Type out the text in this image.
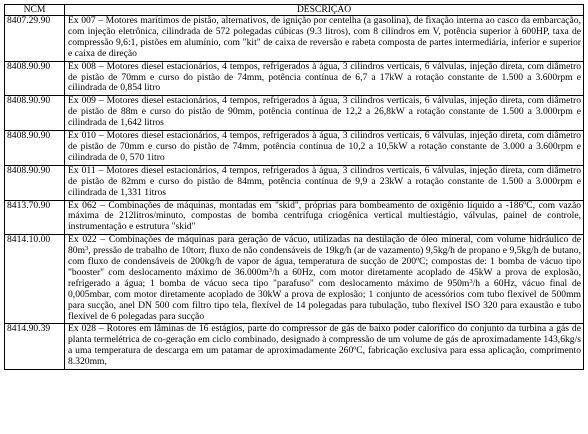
NCM	DESCRIÇÃO
8407.29.90	Ex 007 – Motores marítimos de pistão, alternativos, de ignição por centelha (a gasolina), de fixação interna ao casco da embarcação, com injeção eletrônica, cilindrada de 572 polegadas cúbicas (9.3 litros), com 8 cilindros em V, potência superior à 600HP, taxa de compressão 9,6:1, pistões em alumínio, com "kit" de caixa de reversão e rabeta composta de partes intermediária, inferior e superior e caixa de direção
8408.90.90	Ex 008 – Motores diesel estacionários, 4 tempos, refrigerados à água, 3 cilindros verticais, 6 válvulas, injeção direta, com diâmetro de pistão de 70mm e curso do pistão de 74mm, potência contínua de 6,7 a 17kW a rotação constante de 1.500 a 3.600rpm e cilindrada de 0,854 litro
8408.90.90	Ex 009 – Motores diesel estacionários, 4 tempos, refrigerados à água, 3 cilindros verticais, 6 válvulas, injeção direta, com diâmetro de pistão de 88m e curso do pistão de 90mm, potência contínua de 12,2 a 26,8kW a rotação constante de 1.500 a 3.000rpm e cilindrada de 1,642 litros
8408.90.90	Ex 010 – Motores diesel estacionários, 4 tempos, refrigerados à água, 3 cilindros verticais, 6 válvulas, injeção direta, com diâmetro de pistão de 70mm e curso do pistão de 74mm, potência contínua de 10,2 a 10,5kW a rotação constante de 3.000 a 3.600rpm e cilindrada de 0, 570 1itro
8408.90.90	Ex 011 – Motores diesel estacionários, 4 tempos, refrigerados à água, 3 cilindros verticais, 6 válvulas, injeção direta, com diâmetro de pistão de 82mm e curso do pistão de 84mm, potência contínua de 9,9 a 23kW a rotação constante de 1.500 a 3.000rpm e cilindrada de 1,331 1itros
8413.70.90	Ex 062 – Combinações de máquinas, montadas em "skid", próprias para bombeamento de oxigênio líquido a -186ºC, com vazão máxima de 212litros/minuto, compostas de bomba centrífuga criogênica vertical multiestágio, válvulas, painel de controle, instrumentação e estrutura "skid"
8414.10.00	Ex 022 – Combinações de máquinas para geração de vácuo, utilizadas na destilação de óleo mineral, com volume hidráulico de $80m^3$, pressão de trabalho de 10torr, fluxo de não condensáveis de 19kg/h (ar de vazamento) 9,5kg/h de propano e 9,5kg/h de butano, com fluxo de condensáveis de 200kg/h de vapor de água, temperatura de sucção de 200ºC; compostas de: 1 bomba de vácuo tipo "booster" com deslocamento máximo de $36.000m^3/h$ a 60Hz, com motor diretamente acoplado de 45kW a prova de explosão, refrigerado a água; 1 bomba de vácuo seca tipo "parafuso" com deslocamento máximo de $950m^3/h$ a 60Hz, vácuo final de 0,005mbar, com motor diretamente acoplado de 30kW a prova de explosão; 1 conjunto de acessórios com tubo flexível de 500mm para sucção, anel DN 500 com filtro tipo tela, flexível de 14 polegadas para tubulação, tubo flexível ISO 320 para exaustão e tubo flexível de 6 polegadas para sucção
8414.90.39	Ex 028 – Rotores em lâminas de 16 estágios, parte do compressor de gás de baixo poder calorífico do conjunto da turbina a gás de planta termelétrica de co-geração em ciclo combinado, designado à compressão de um volume de gás de aproximadamente 143,6kg/s a uma temperatura de descarga em um patamar de aproximadamente 260ºC, fabricação exclusiva para essa aplicação, comprimento 8.320mm,
